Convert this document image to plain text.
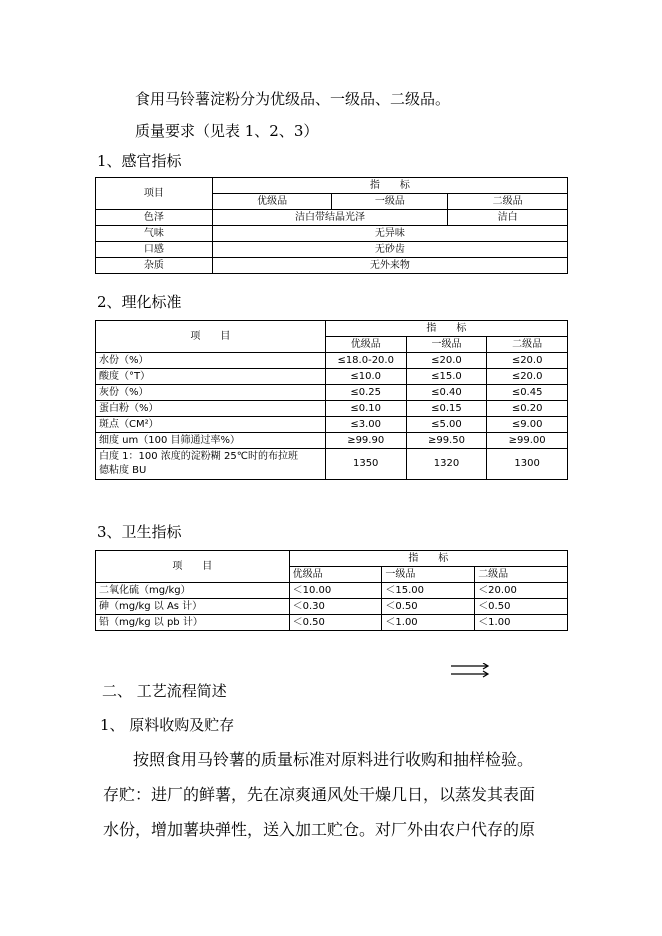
食用马铃薯淀粉分为优级品、一级品、二级品。
质量要求（见表 1、2、3）
1、感官指标
项目	指　　标		
	优级品	一级品	二级品
色泽	洁白带结晶光泽		洁白
气味	无异味		
口感	无砂齿		
杂质	无外来物		
2、理化标准
项　　目	指　　标		
	优级品	一级品	二级品
水份（%）	≤18.0-20.0	≤20.0	≤20.0
酸度（°T）	≤10.0	≤15.0	≤20.0
灰份（%）	≤0.25	≤0.40	≤0.45
蛋白粉（%）	≤0.10	≤0.15	≤0.20
斑点（CM²）	≤3.00	≤5.00	≤9.00
细度 um（100 目筛通过率%）	≥99.90	≥99.50	≥99.00

白度 1：100 浓度的淀粉糊 25℃时的布拉班
德粘度 BU	1350	1320	1300
3、卫生指标
项　　目	指　　标		
	优级品	一级品	二级品
二氧化硫（mg/kg）	＜10.00	＜15.00	＜20.00
砷（mg/kg 以 As 计）	＜0.30	＜0.50	＜0.50
铅（mg/kg 以 pb 计）	＜0.50	＜1.00	＜1.00
二、 工艺流程简述
1、 原料收购及贮存
按照食用马铃薯的质量标准对原料进行收购和抽样检验。
存贮：进厂的鲜薯，先在凉爽通风处干燥几日，以蒸发其表面
水份，增加薯块弹性，送入加工贮仓。对厂外由农户代存的原
